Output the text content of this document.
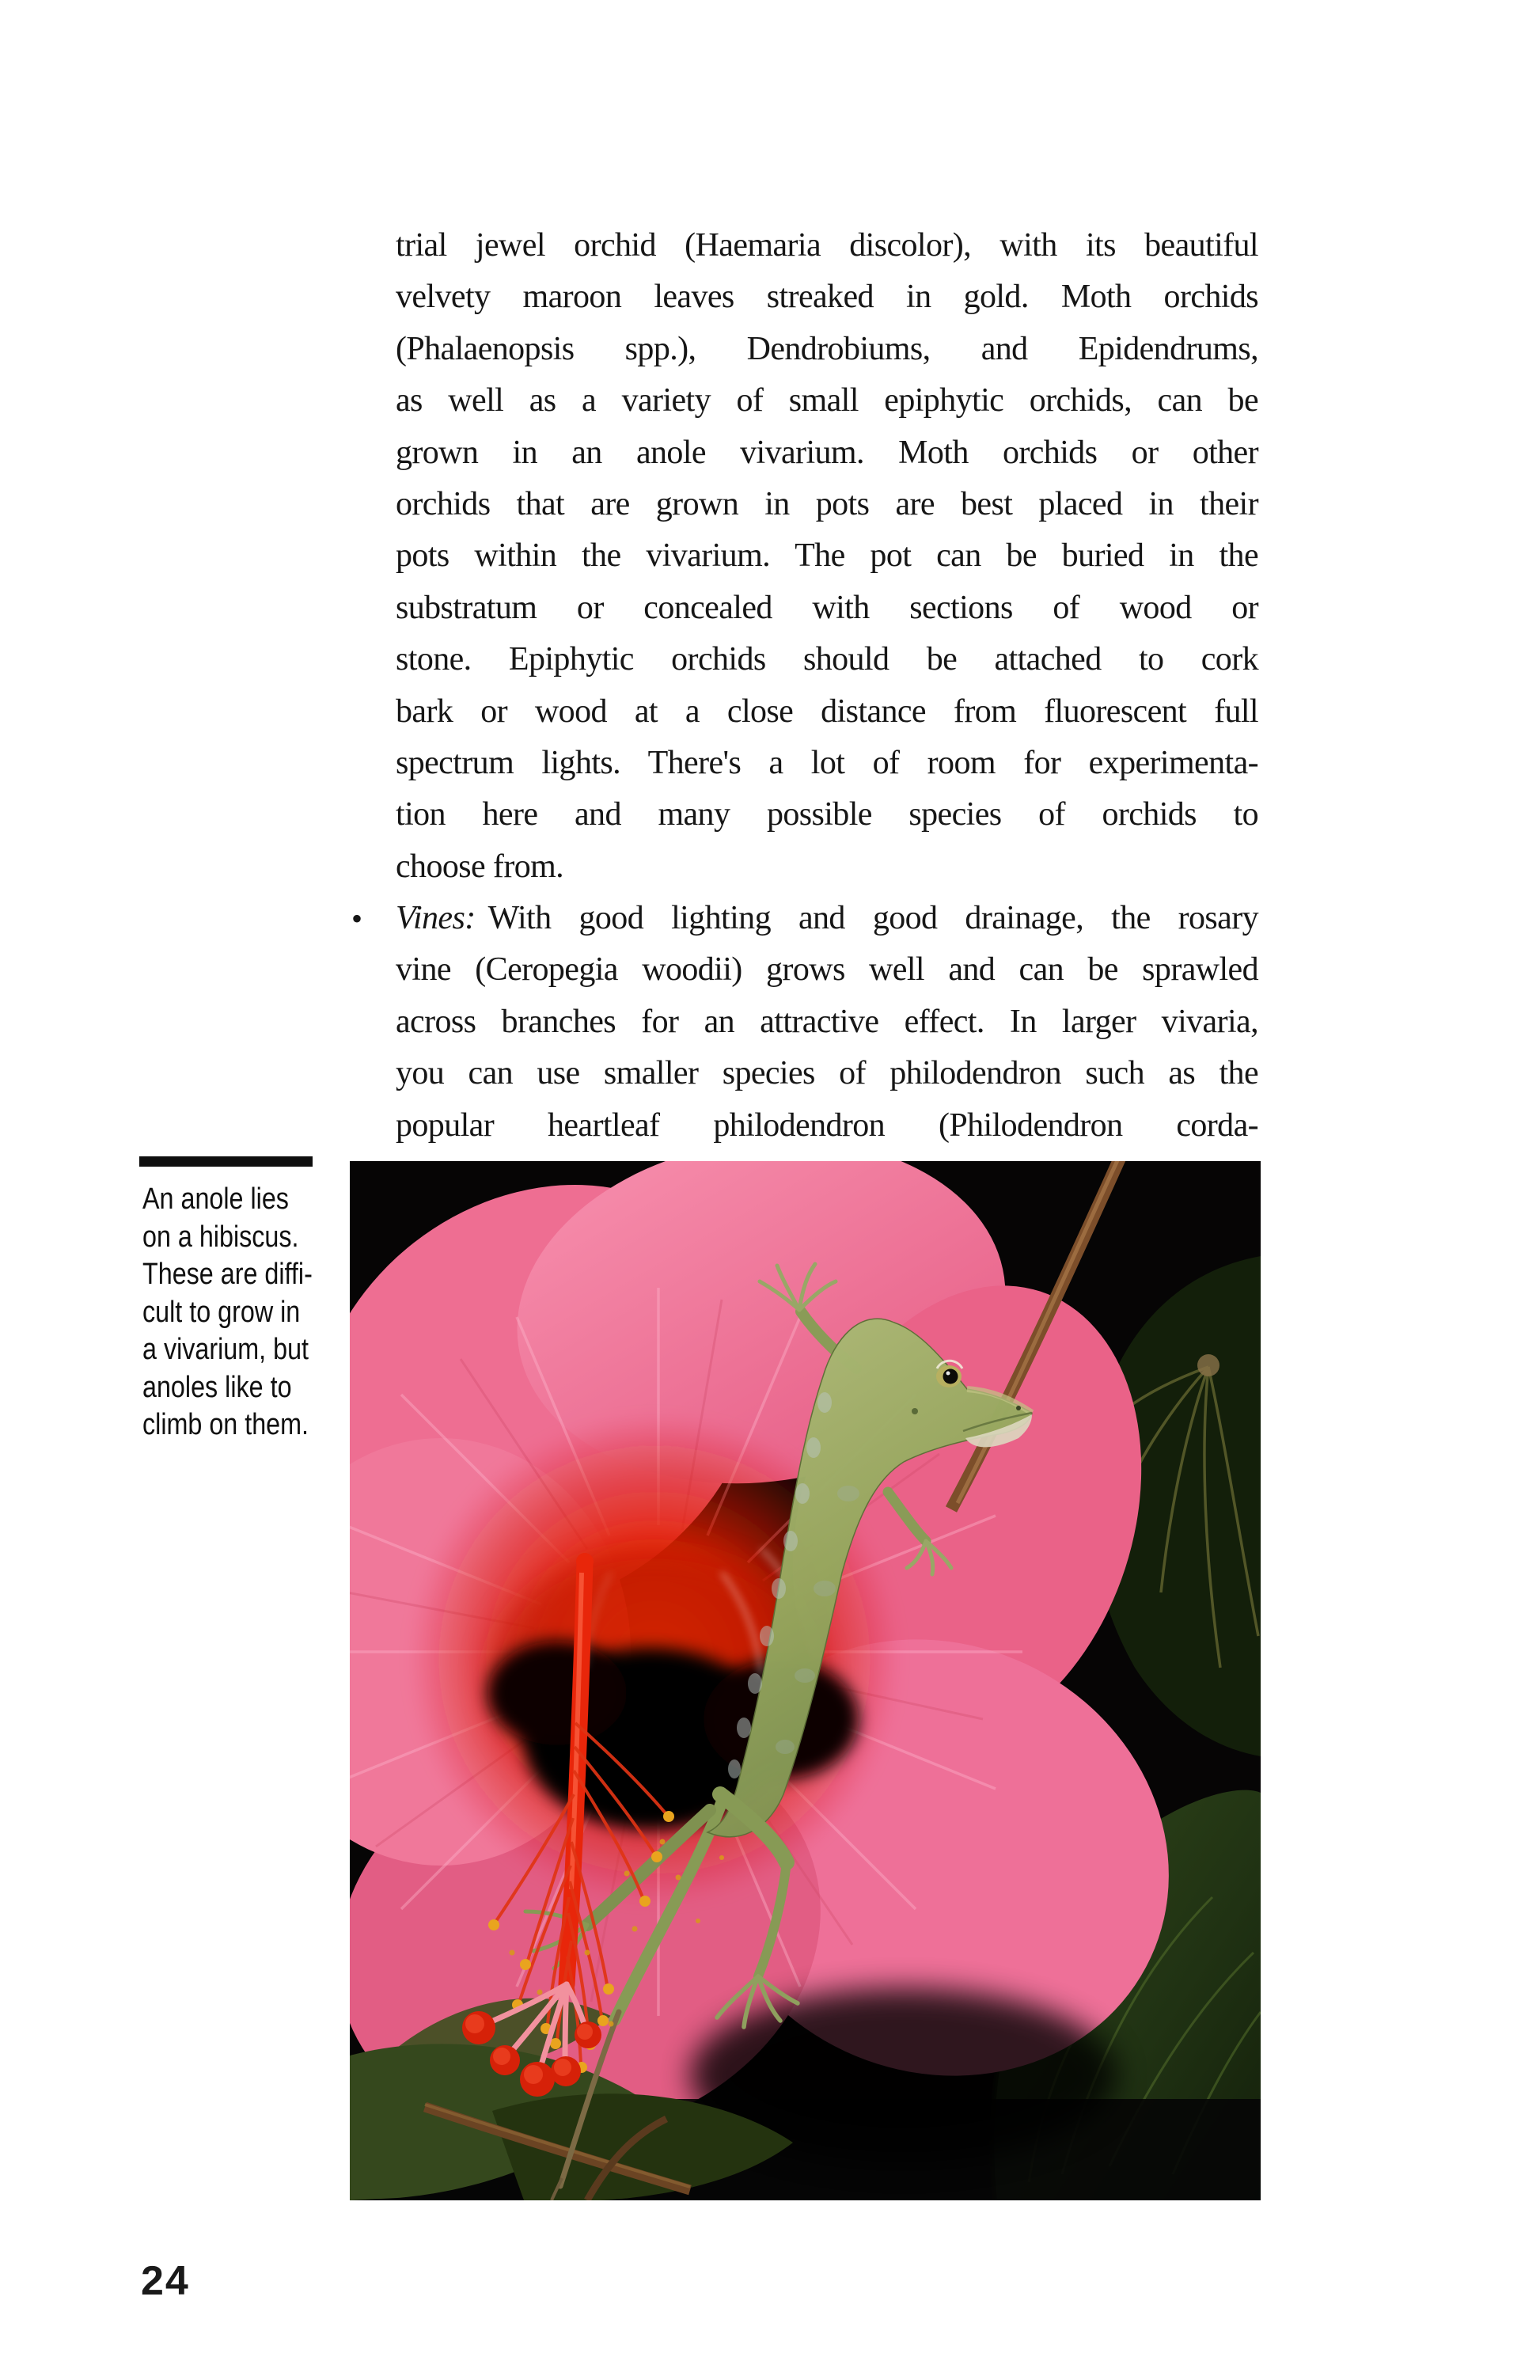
trial jewel orchid (Haemaria discolor), with its beautiful
velvety maroon leaves streaked in gold. Moth orchids
(Phalaenopsis spp.), Dendrobiums, and Epidendrums,
as well as a variety of small epiphytic orchids, can be
grown in an anole vivarium. Moth orchids or other
orchids that are grown in pots are best placed in their
pots within the vivarium. The pot can be buried in the
substratum or concealed with sections of wood or
stone. Epiphytic orchids should be attached to cork
bark or wood at a close distance from fluorescent full
spectrum lights. There's a lot of room for experimenta-
tion here and many possible species of orchids to
choose from.
• Vines: With good lighting and good drainage, the rosary
vine (Ceropegia woodii) grows well and can be sprawled
across branches for an attractive effect. In larger vivaria,
you can use smaller species of philodendron such as the
popular heartleaf philodendron (Philodendron corda-
An anole lies
on a hibiscus.
These are diffi-
cult to grow in
a vivarium, but
anoles like to
climb on them.
24
